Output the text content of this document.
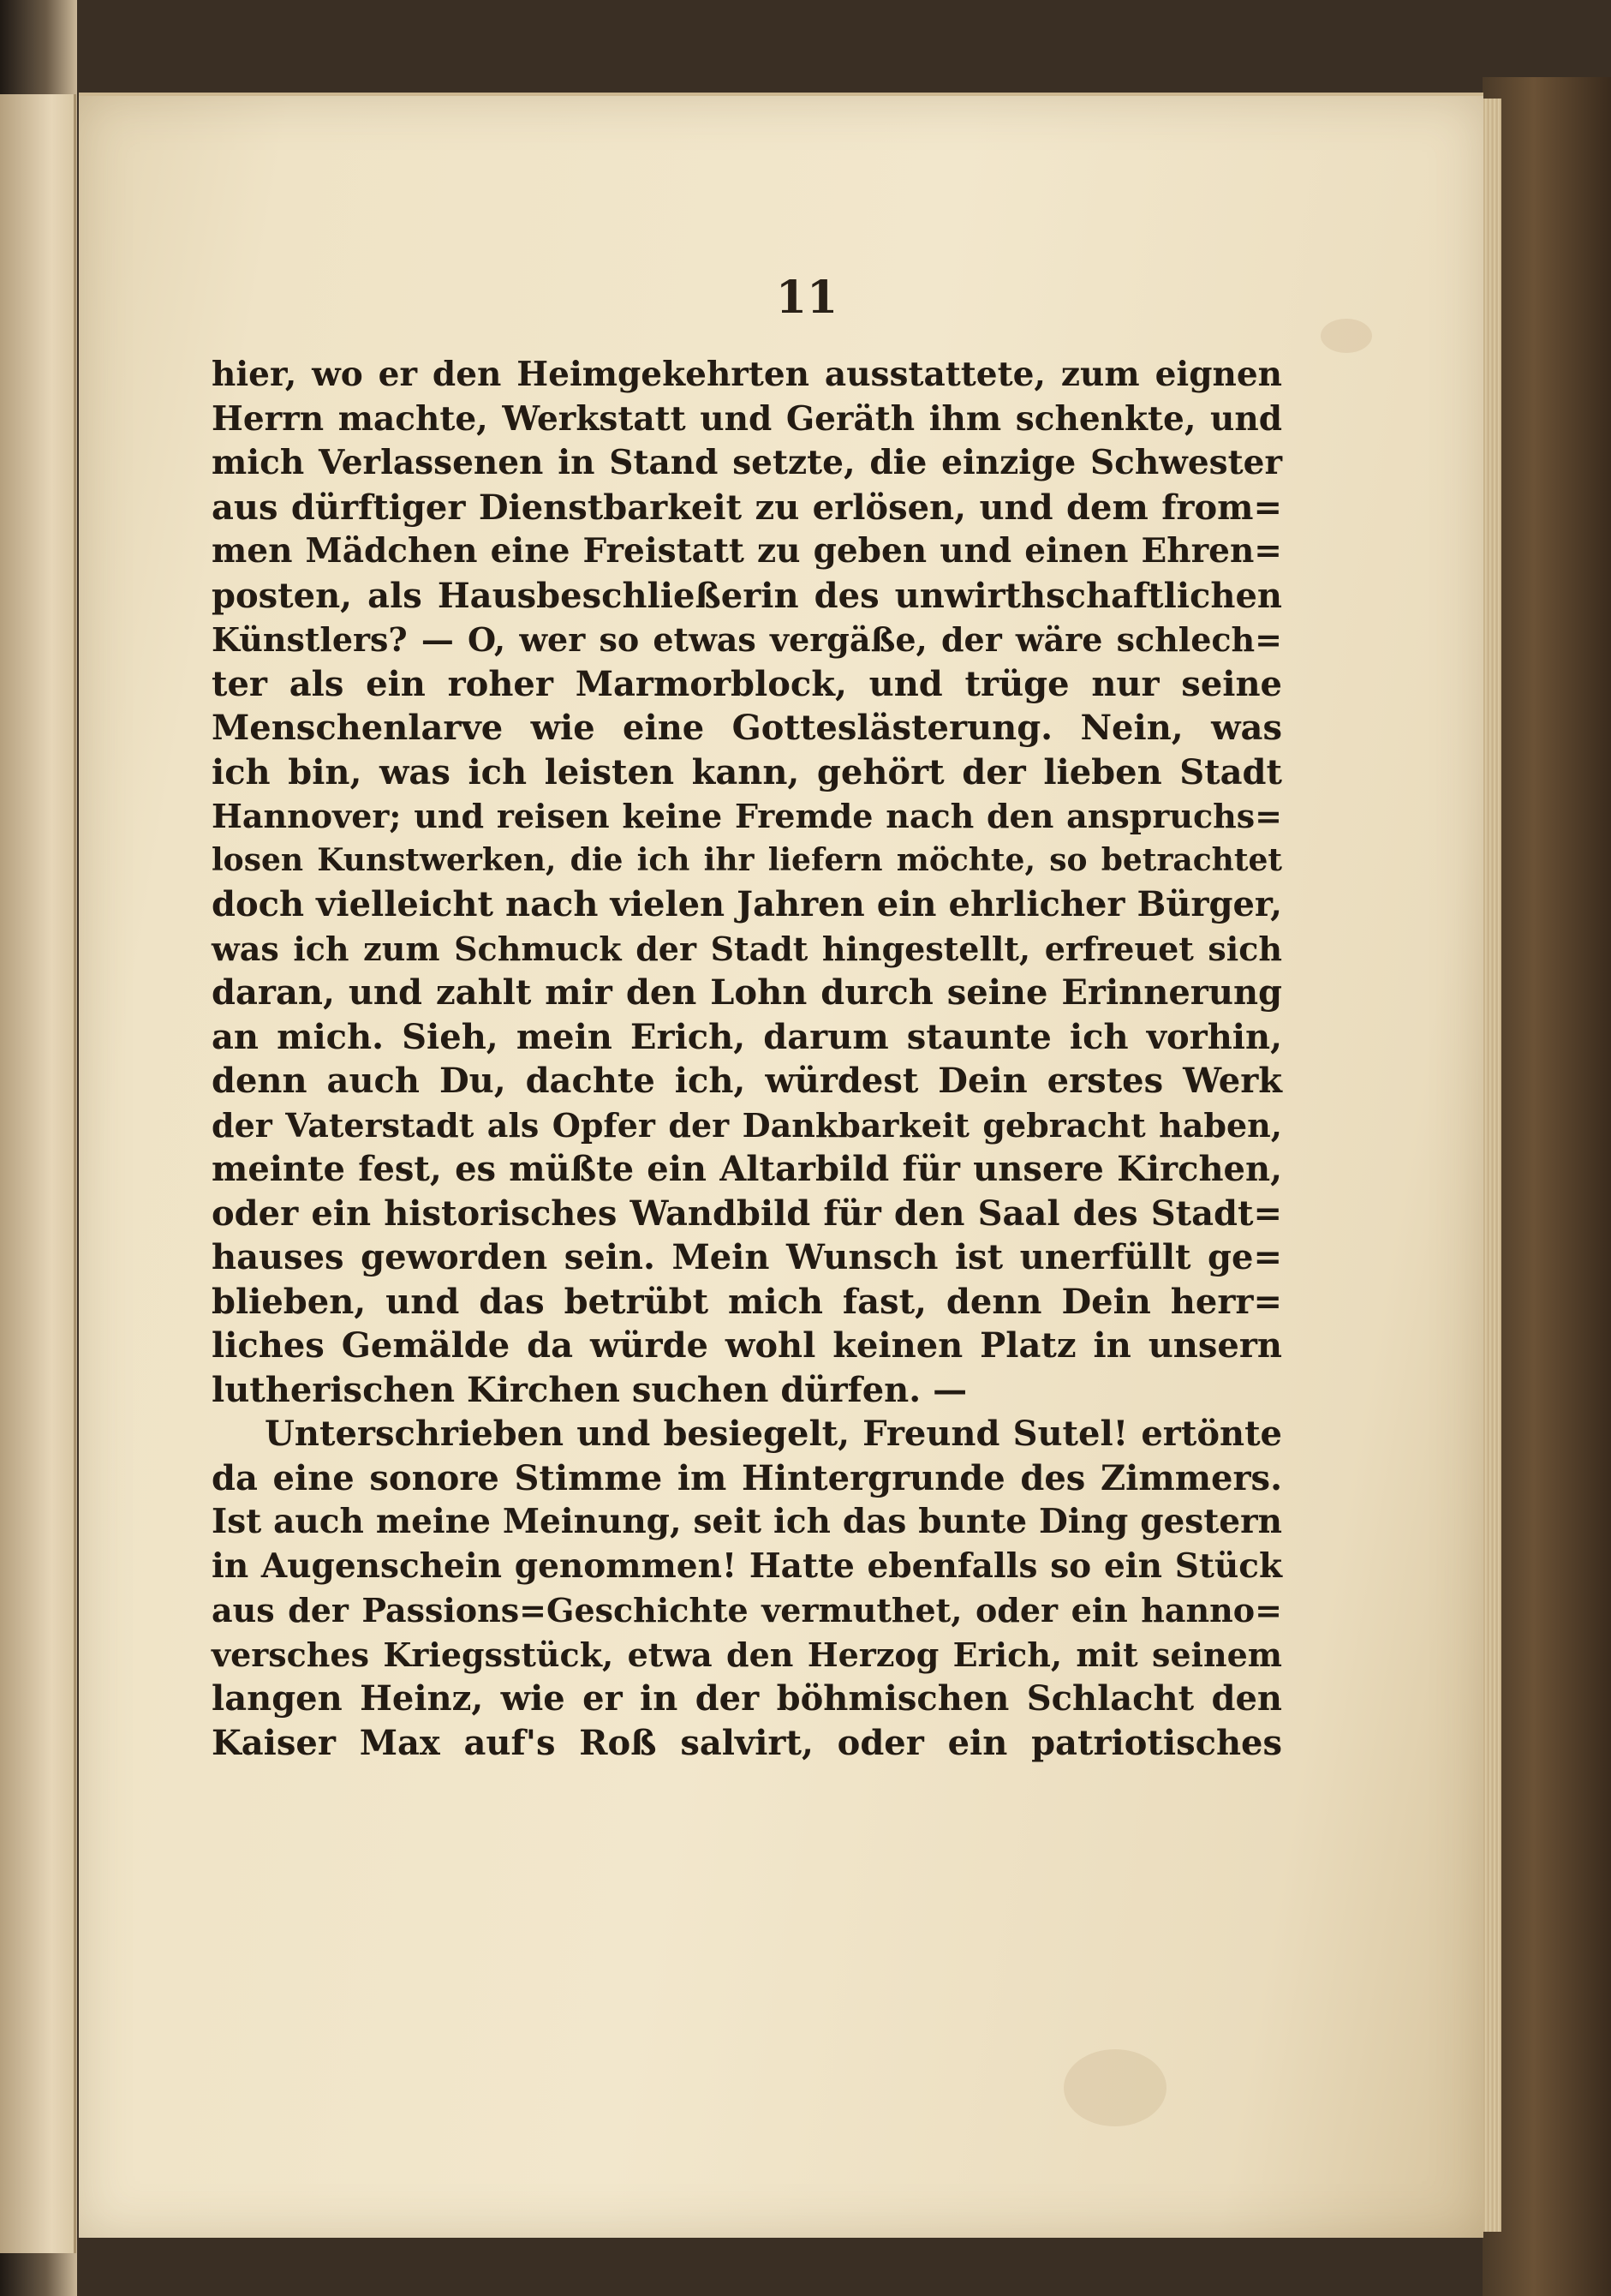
11
hier, wo er den Heimgekehrten ausstattete, zum eignen
Herrn machte, Werkstatt und Geräth ihm schenkte, und
mich Verlassenen in Stand setzte, die einzige Schwester
aus dürftiger Dienstbarkeit zu erlösen, und dem from=
men Mädchen eine Freistatt zu geben und einen Ehren=
posten, als Hausbeschließerin des unwirthschaftlichen
Künstlers? — O, wer so etwas vergäße, der wäre schlech=
ter als ein roher Marmorblock, und trüge nur seine
Menschenlarve wie eine Gotteslästerung. Nein, was
ich bin, was ich leisten kann, gehört der lieben Stadt
Hannover; und reisen keine Fremde nach den anspruchs=
losen Kunstwerken, die ich ihr liefern möchte, so betrachtet
doch vielleicht nach vielen Jahren ein ehrlicher Bürger,
was ich zum Schmuck der Stadt hingestellt, erfreuet sich
daran, und zahlt mir den Lohn durch seine Erinnerung
an mich. Sieh, mein Erich, darum staunte ich vorhin,
denn auch Du, dachte ich, würdest Dein erstes Werk
der Vaterstadt als Opfer der Dankbarkeit gebracht haben,
meinte fest, es müßte ein Altarbild für unsere Kirchen,
oder ein historisches Wandbild für den Saal des Stadt=
hauses geworden sein. Mein Wunsch ist unerfüllt ge=
blieben, und das betrübt mich fast, denn Dein herr=
liches Gemälde da würde wohl keinen Platz in unsern
lutherischen Kirchen suchen dürfen. —
Unterschrieben und besiegelt, Freund Sutel! ertönte
da eine sonore Stimme im Hintergrunde des Zimmers.
Ist auch meine Meinung, seit ich das bunte Ding gestern
in Augenschein genommen! Hatte ebenfalls so ein Stück
aus der Passions=Geschichte vermuthet, oder ein hanno=
versches Kriegsstück, etwa den Herzog Erich, mit seinem
langen Heinz, wie er in der böhmischen Schlacht den
Kaiser Max auf's Roß salvirt, oder ein patriotisches
